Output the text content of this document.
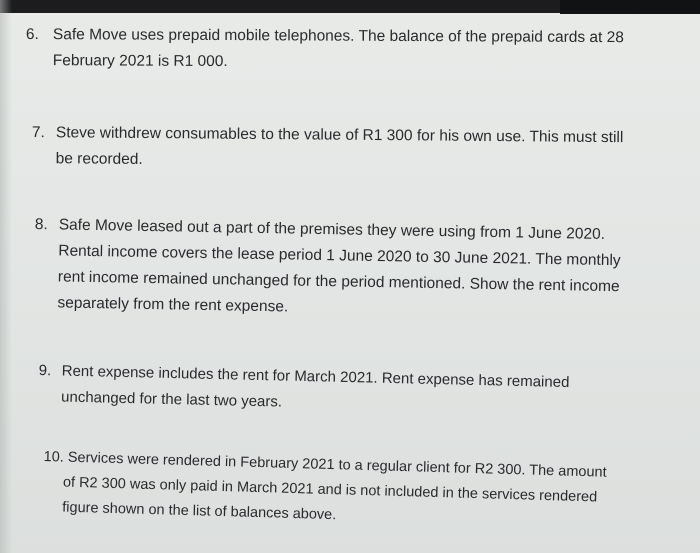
6. Safe Move uses prepaid mobile telephones. The balance of the prepaid cards at 28
February 2021 is R1 000.
7. Steve withdrew consumables to the value of R1 300 for his own use. This must still
be recorded.
8. Safe Move leased out a part of the premises they were using from 1 June 2020.
Rental income covers the lease period 1 June 2020 to 30 June 2021. The monthly
rent income remained unchanged for the period mentioned. Show the rent income
separately from the rent expense.
9. Rent expense includes the rent for March 2021. Rent expense has remained
unchanged for the last two years.
10. Services were rendered in February 2021 to a regular client for R2 300. The amount
of R2 300 was only paid in March 2021 and is not included in the services rendered
figure shown on the list of balances above.
